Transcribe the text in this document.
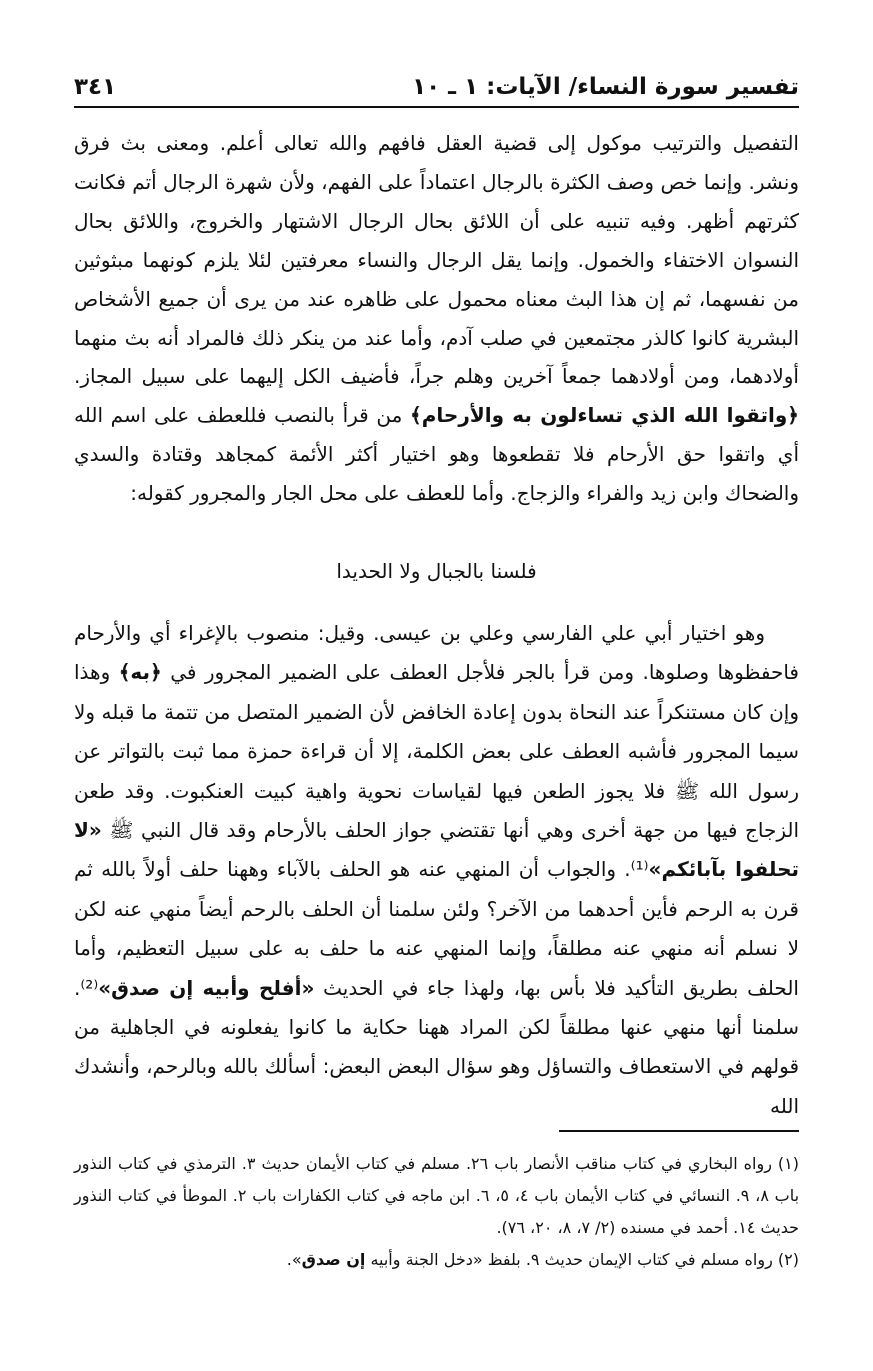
تفسير سورة النساء/ الآيات: ١ ـ ١٠
٣٤١

التفصيل والترتيب موكول إلى قضية العقل فافهم والله تعالى أعلم. ومعنى بث فرق ونشر. وإنما خص وصف الكثرة بالرجال اعتماداً على الفهم، ولأن شهرة الرجال أتم فكانت كثرتهم أظهر. وفيه تنبيه على أن اللائق بحال الرجال الاشتهار والخروج، واللائق بحال النسوان الاختفاء والخمول. وإنما يقل الرجال والنساء معرفتين لئلا يلزم كونهما مبثوثين من نفسهما، ثم إن هذا البث معناه محمول على ظاهره عند من يرى أن جميع الأشخاص البشرية كانوا كالذر مجتمعين في صلب آدم، وأما عند من ينكر ذلك فالمراد أنه بث منهما أولادهما، ومن أولادهما جمعاً آخرين وهلم جراً، فأضيف الكل إليهما على سبيل المجاز. ﴿واتقوا الله الذي تساءلون به والأرحام﴾ من قرأ بالنصب فللعطف على اسم الله أي واتقوا حق الأرحام فلا تقطعوها وهو اختيار أكثر الأئمة كمجاهد وقتادة والسدي والضحاك وابن زيد والفراء والزجاج. وأما للعطف على محل الجار والمجرور كقوله:

فلسنا بالجبال ولا الحديدا

وهو اختيار أبي علي الفارسي وعلي بن عيسى. وقيل: منصوب بالإغراء أي والأرحام فاحفظوها وصلوها. ومن قرأ بالجر فلأجل العطف على الضمير المجرور في ﴿به﴾ وهذا وإن كان مستنكراً عند النحاة بدون إعادة الخافض لأن الضمير المتصل من تتمة ما قبله ولا سيما المجرور فأشبه العطف على بعض الكلمة، إلا أن قراءة حمزة مما ثبت بالتواتر عن رسول الله ﷺ فلا يجوز الطعن فيها لقياسات نحوية واهية كبيت العنكبوت. وقد طعن الزجاج فيها من جهة أخرى وهي أنها تقتضي جواز الحلف بالأرحام وقد قال النبي ﷺ «لا تحلفوا بآبائكم»⁽¹⁾. والجواب أن المنهي عنه هو الحلف بالآباء وههنا حلف أولاً بالله ثم قرن به الرحم فأين أحدهما من الآخر؟ ولئن سلمنا أن الحلف بالرحم أيضاً منهي عنه لكن لا نسلم أنه منهي عنه مطلقاً، وإنما المنهي عنه ما حلف به على سبيل التعظيم، وأما الحلف بطريق التأكيد فلا بأس بها، ولهذا جاء في الحديث «أفلح وأبيه إن صدق»⁽²⁾. سلمنا أنها منهي عنها مطلقاً لكن المراد ههنا حكاية ما كانوا يفعلونه في الجاهلية من قولهم في الاستعطاف والتساؤل وهو سؤال البعض البعض: أسألك بالله وبالرحم، وأنشدك الله

(١) رواه البخاري في كتاب مناقب الأنصار باب ٢٦. مسلم في كتاب الأيمان حديث ٣. الترمذي في كتاب النذور باب ٨، ٩. النسائي في كتاب الأيمان باب ٤، ٥، ٦. ابن ماجه في كتاب الكفارات باب ٢. الموطأ في كتاب النذور حديث ١٤. أحمد في مسنده (٢/ ٧، ٨، ٢٠، ٧٦).

(٢) رواه مسلم في كتاب الإيمان حديث ٩. بلفظ «دخل الجنة وأبيه إن صدق».
